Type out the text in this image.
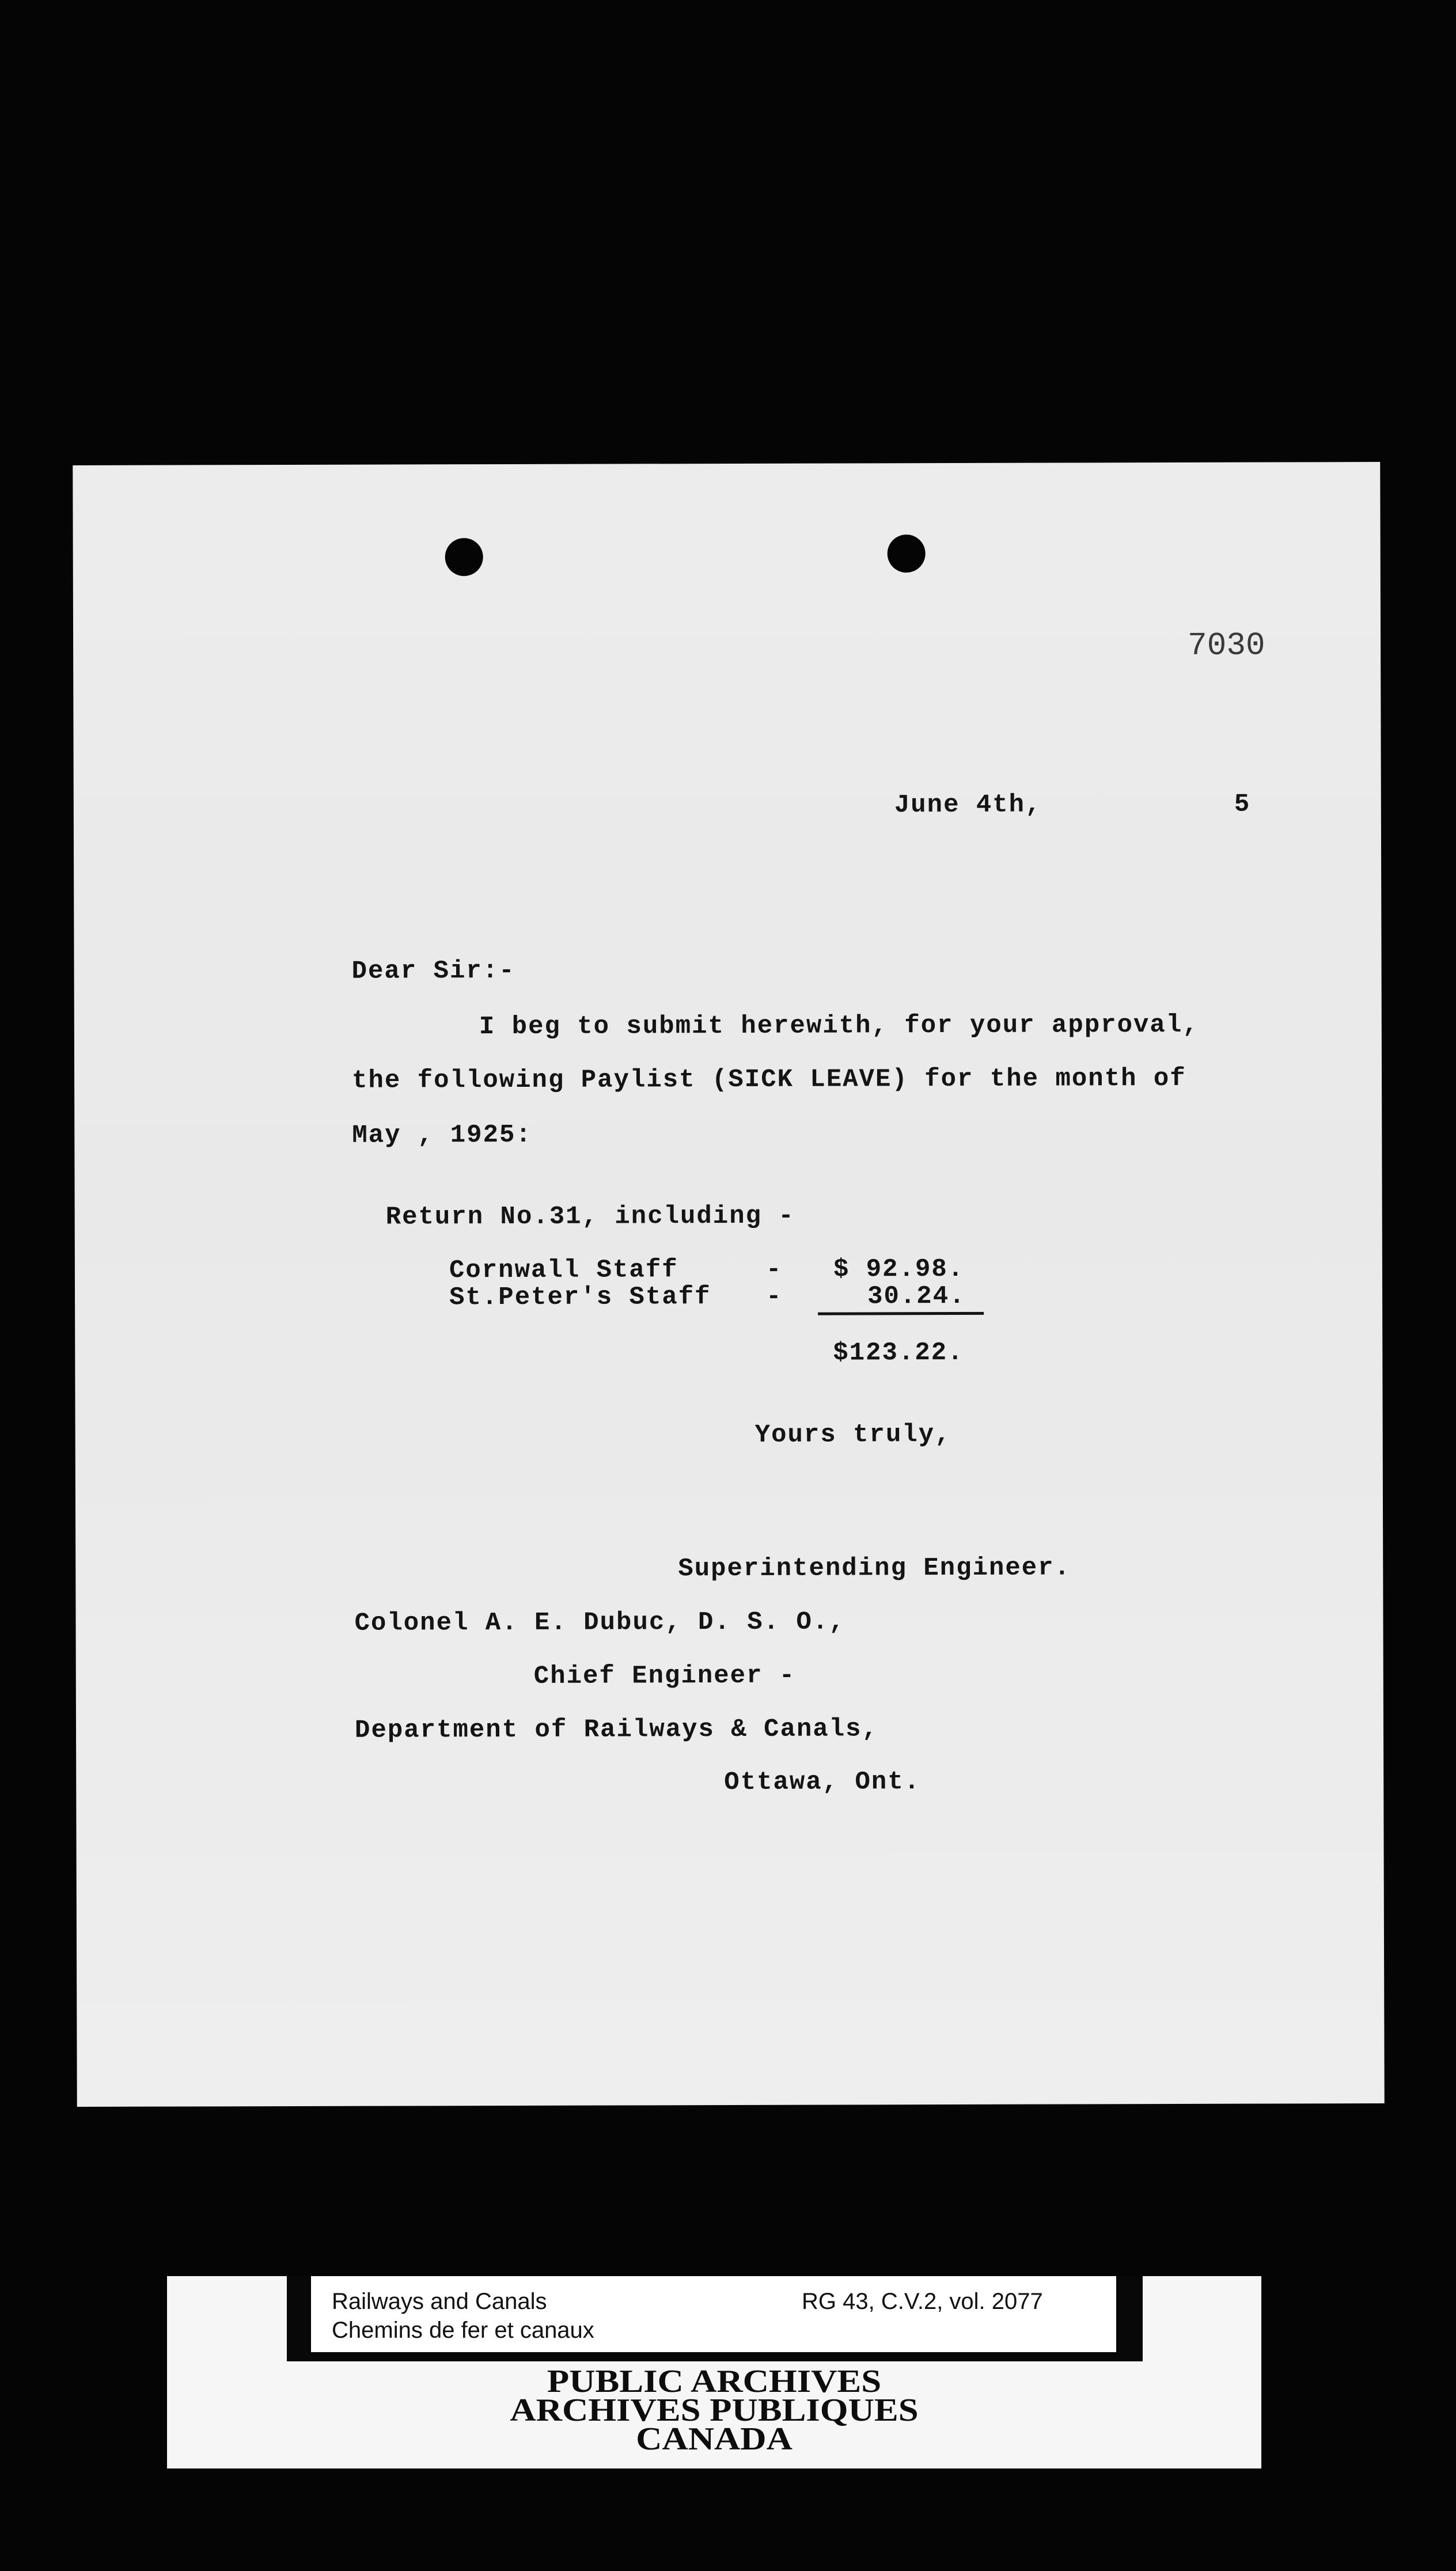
7030
June 4th,	5
Dear Sir:-
I beg to submit herewith, for your approval,
the following Paylist (SICK LEAVE) for the month of
May , 1925:
Return No.31, including -
Cornwall Staff	- $ 92.98.
St.Peter's Staff -	30.24.
$123.22.
Yours truly,
Superintending Engineer.
Colonel A. E. Dubuc, D. S. O.,
Chief Engineer -
Department of Railways & Canals,
Ottawa, Ont.
Railways and Canals
Chemins de fer et canaux
RG 43, C.V.2, vol. 2077
PUBLIC ARCHIVES
ARCHIVES PUBLIQUES
CANADA
